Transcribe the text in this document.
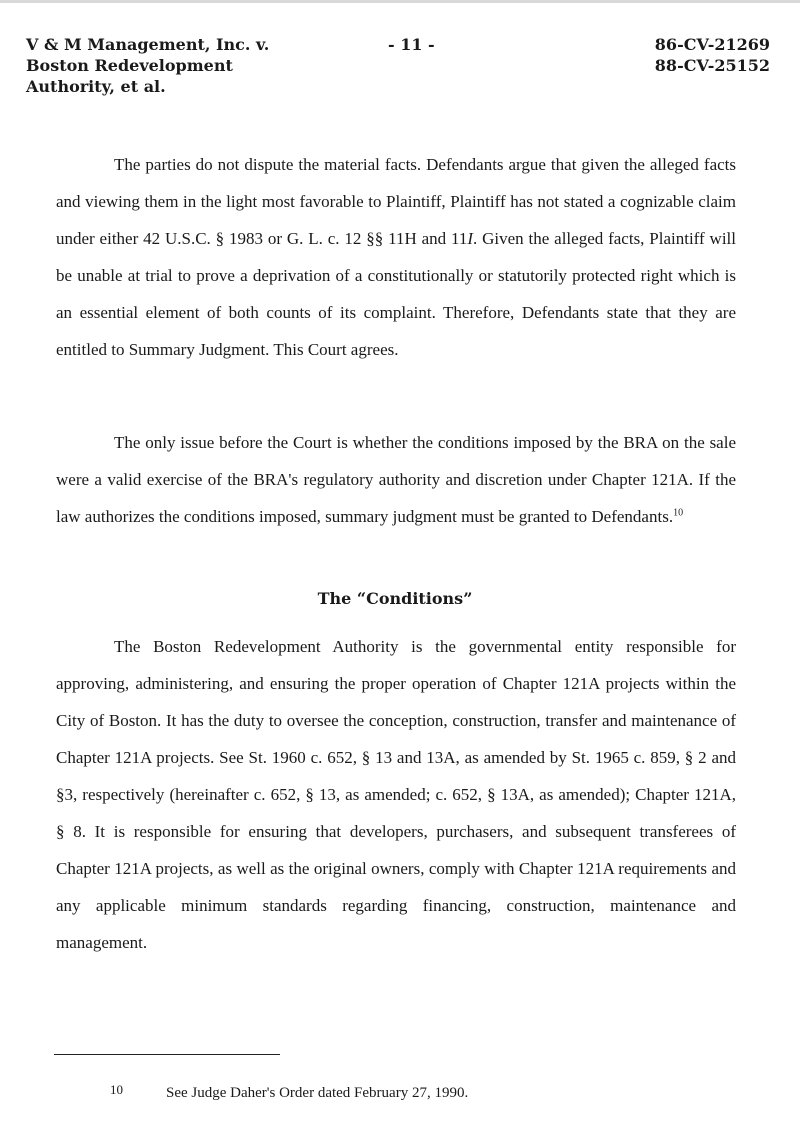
V & M Management, Inc. v.
Boston Redevelopment
Authority, et al.
- 11 -	86-CV-21269
88-CV-25152

The parties do not dispute the material facts. Defendants argue that given the alleged facts and viewing them in the light most favorable to Plaintiff, Plaintiff has not stated a cognizable claim under either 42 U.S.C. § 1983 or G. L. c. 12 §§ 11H and 11I. Given the alleged facts, Plaintiff will be unable at trial to prove a deprivation of a constitutionally or statutorily protected right which is an essential element of both counts of its complaint. Therefore, Defendants state that they are entitled to Summary Judgment. This Court agrees.

The only issue before the Court is whether the conditions imposed by the BRA on the sale were a valid exercise of the BRA's regulatory authority and discretion under Chapter 121A. If the law authorizes the conditions imposed, summary judgment must be granted to Defendants.$^{10}$

The “Conditions”

The Boston Redevelopment Authority is the governmental entity responsible for approving, administering, and ensuring the proper operation of Chapter 121A projects within the City of Boston. It has the duty to oversee the conception, construction, transfer and maintenance of Chapter 121A projects. See St. 1960 c. 652, § 13 and 13A, as amended by St. 1965 c. 859, § 2 and §3, respectively (hereinafter c. 652, § 13, as amended; c. 652, § 13A, as amended); Chapter 121A, § 8. It is responsible for ensuring that developers, purchasers, and subsequent transferees of Chapter 121A projects, as well as the original owners, comply with Chapter 121A requirements and any applicable minimum standards regarding financing, construction, maintenance and management.

10	See Judge Daher's Order dated February 27, 1990.
